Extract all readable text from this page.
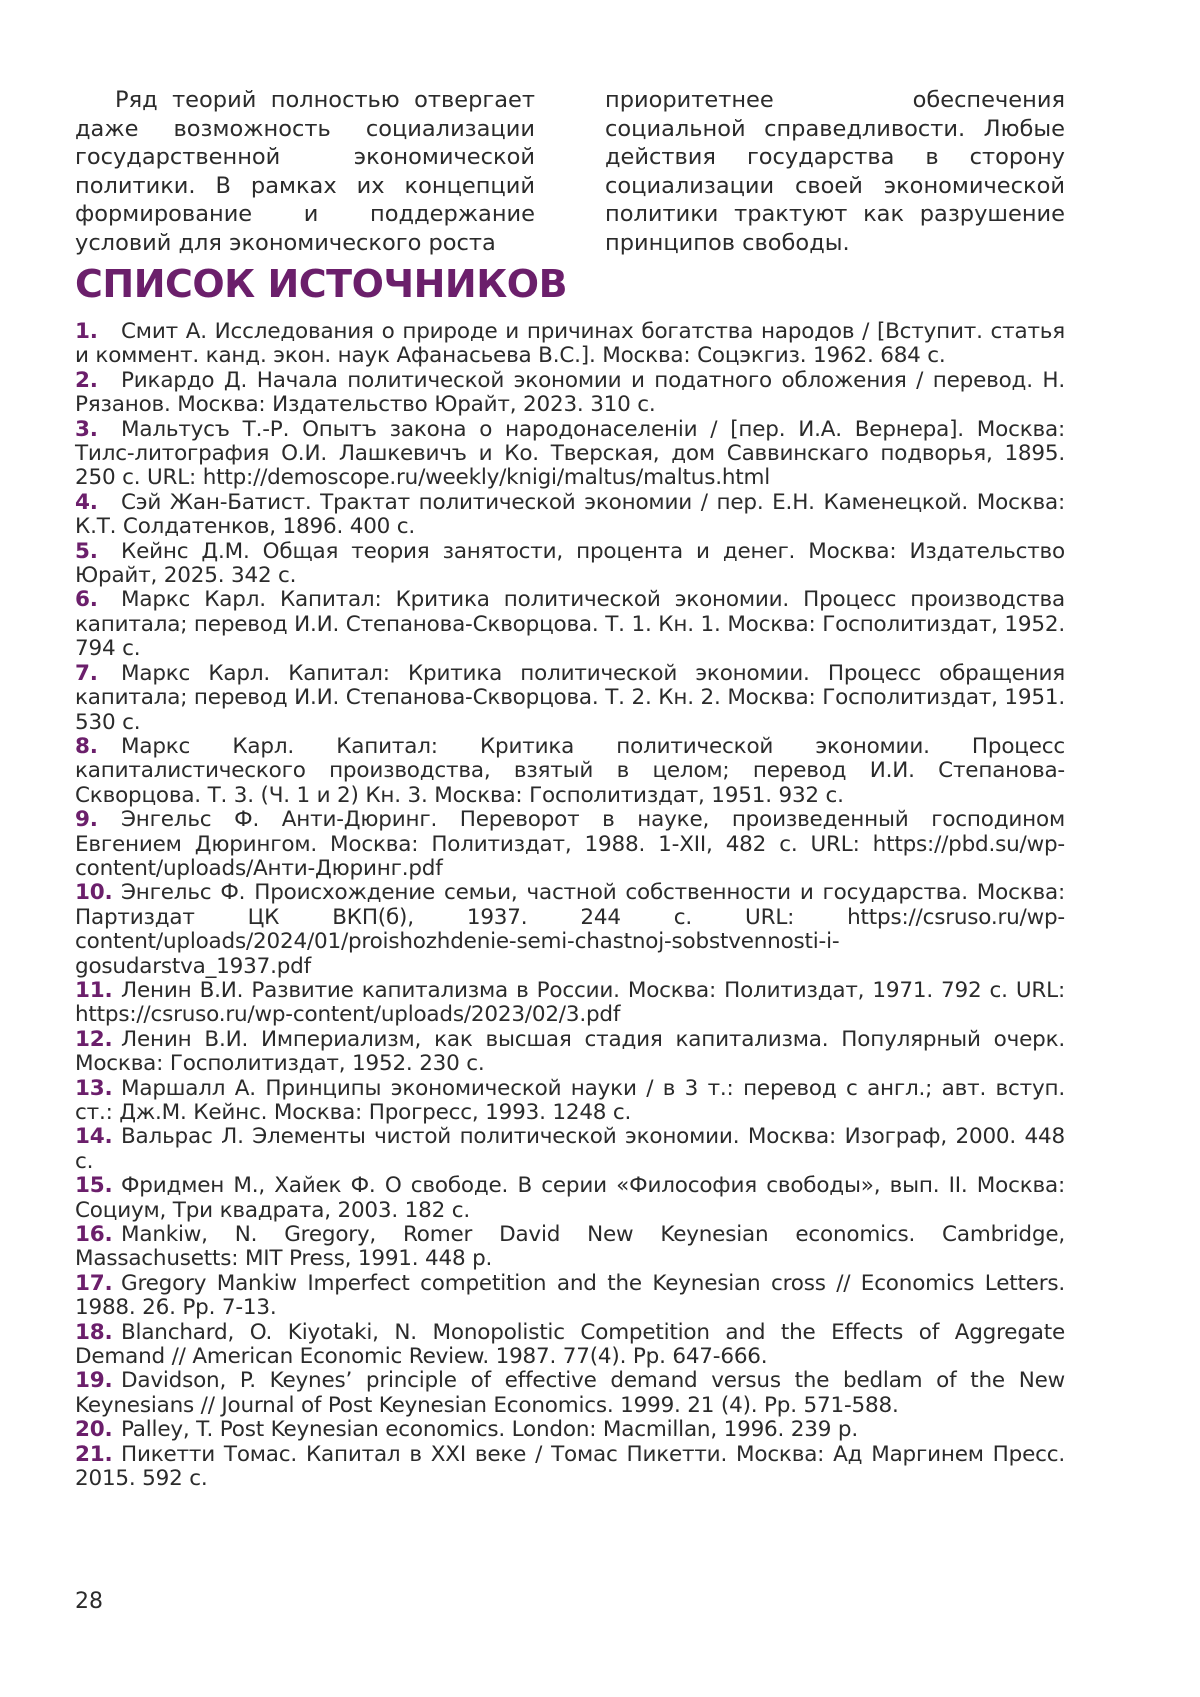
Ряд теорий полностью отвергает даже возможность социализации государственной экономической политики. В рамках их концепций формирование и поддержание условий для экономического роста

приоритетнее обеспечения социальной справедливости. Любые действия государства в сторону социализации своей экономической политики трактуют как разрушение принципов свободы.

СПИСОК ИСТОЧНИКОВ
1. Смит А. Исследования о природе и причинах богатства народов / [Вступит. статья и коммент. канд. экон. наук Афанасьева В.С.]. Москва: Соцэкгиз. 1962. 684 с.
2. Рикардо Д. Начала политической экономии и податного обложения / перевод. Н. Рязанов. Москва: Издательство Юрайт, 2023. 310 с.
3. Мальтусъ Т.-Р. Опытъ закона о народонаселеніи / [пер. И.А. Вернера]. Москва: Тилс-литография О.И. Лашкевичъ и Ко. Тверская, дом Саввинскаго подворья, 1895. 250 с. URL: http://demoscope.ru/weekly/knigi/maltus/maltus.html
4. Сэй Жан-Батист. Трактат политической экономии / пер. Е.Н. Каменецкой. Москва: К.Т. Солдатенков, 1896. 400 с.
5. Кейнс Д.М. Общая теория занятости, процента и денег. Москва: Издательство Юрайт, 2025. 342 с.
6. Маркс Карл. Капитал: Критика политической экономии. Процесс производства капитала; перевод И.И. Степанова-Скворцова. Т. 1. Кн. 1. Москва: Госполитиздат, 1952. 794 с.
7. Маркс Карл. Капитал: Критика политической экономии. Процесс обращения капитала; перевод И.И. Степанова-Скворцова. Т. 2. Кн. 2. Москва: Госполитиздат, 1951. 530 с.
8. Маркс Карл. Капитал: Критика политической экономии. Процесс капиталистического производства, взятый в целом; перевод И.И. Степанова-Скворцова. Т. 3. (Ч. 1 и 2) Кн. 3. Москва: Госполитиздат, 1951. 932 с.
9. Энгельс Ф. Анти-Дюринг. Переворот в науке, произведенный господином Евгением Дюрингом. Москва: Политиздат, 1988. 1-XII, 482 с. URL: https://pbd.su/wp-content/uploads/Анти-Дюринг.pdf
10. Энгельс Ф. Происхождение семьи, частной собственности и государства. Москва: Партиздат ЦК ВКП(б), 1937. 244 с. URL: https://csruso.ru/wp-content/uploads/2024/01/proishozhdenie-semi-chastnoj-sobstvennosti-i-gosudarstva_1937.pdf
11. Ленин В.И. Развитие капитализма в России. Москва: Политиздат, 1971. 792 с. URL: https://csruso.ru/wp-content/uploads/2023/02/3.pdf
12. Ленин В.И. Империализм, как высшая стадия капитализма. Популярный очерк. Москва: Госполитиздат, 1952. 230 с.
13. Маршалл А. Принципы экономической науки / в 3 т.: перевод с англ.; авт. вступ. ст.: Дж.М. Кейнс. Москва: Прогресс, 1993. 1248 с.
14. Вальрас Л. Элементы чистой политической экономии. Москва: Изограф, 2000. 448 с.
15. Фридмен М., Хайек Ф. О свободе. В серии «Философия свободы», вып. II. Москва: Социум, Три квадрата, 2003. 182 с.
16. Mankiw, N. Gregory, Romer David New Keynesian economics. Cambridge, Massachusetts: MIT Press, 1991. 448 p.
17. Gregory Mankiw Imperfect competition and the Keynesian cross // Economics Letters. 1988. 26. Pp. 7-13.
18. Blanchard, O. Kiyotaki, N. Monopolistic Competition and the Effects of Aggregate Demand // American Economic Review. 1987. 77(4). Pp. 647-666.
19. Davidson, P. Keynes’ principle of effective demand versus the bedlam of the New Keynesians // Journal of Post Keynesian Economics. 1999. 21 (4). Pp. 571-588.
20. Palley, T. Post Keynesian economics. London: Macmillan, 1996. 239 p.
21. Пикетти Томас. Капитал в XXI веке / Томас Пикетти. Москва: Ад Маргинем Пресс. 2015. 592 с.
28
